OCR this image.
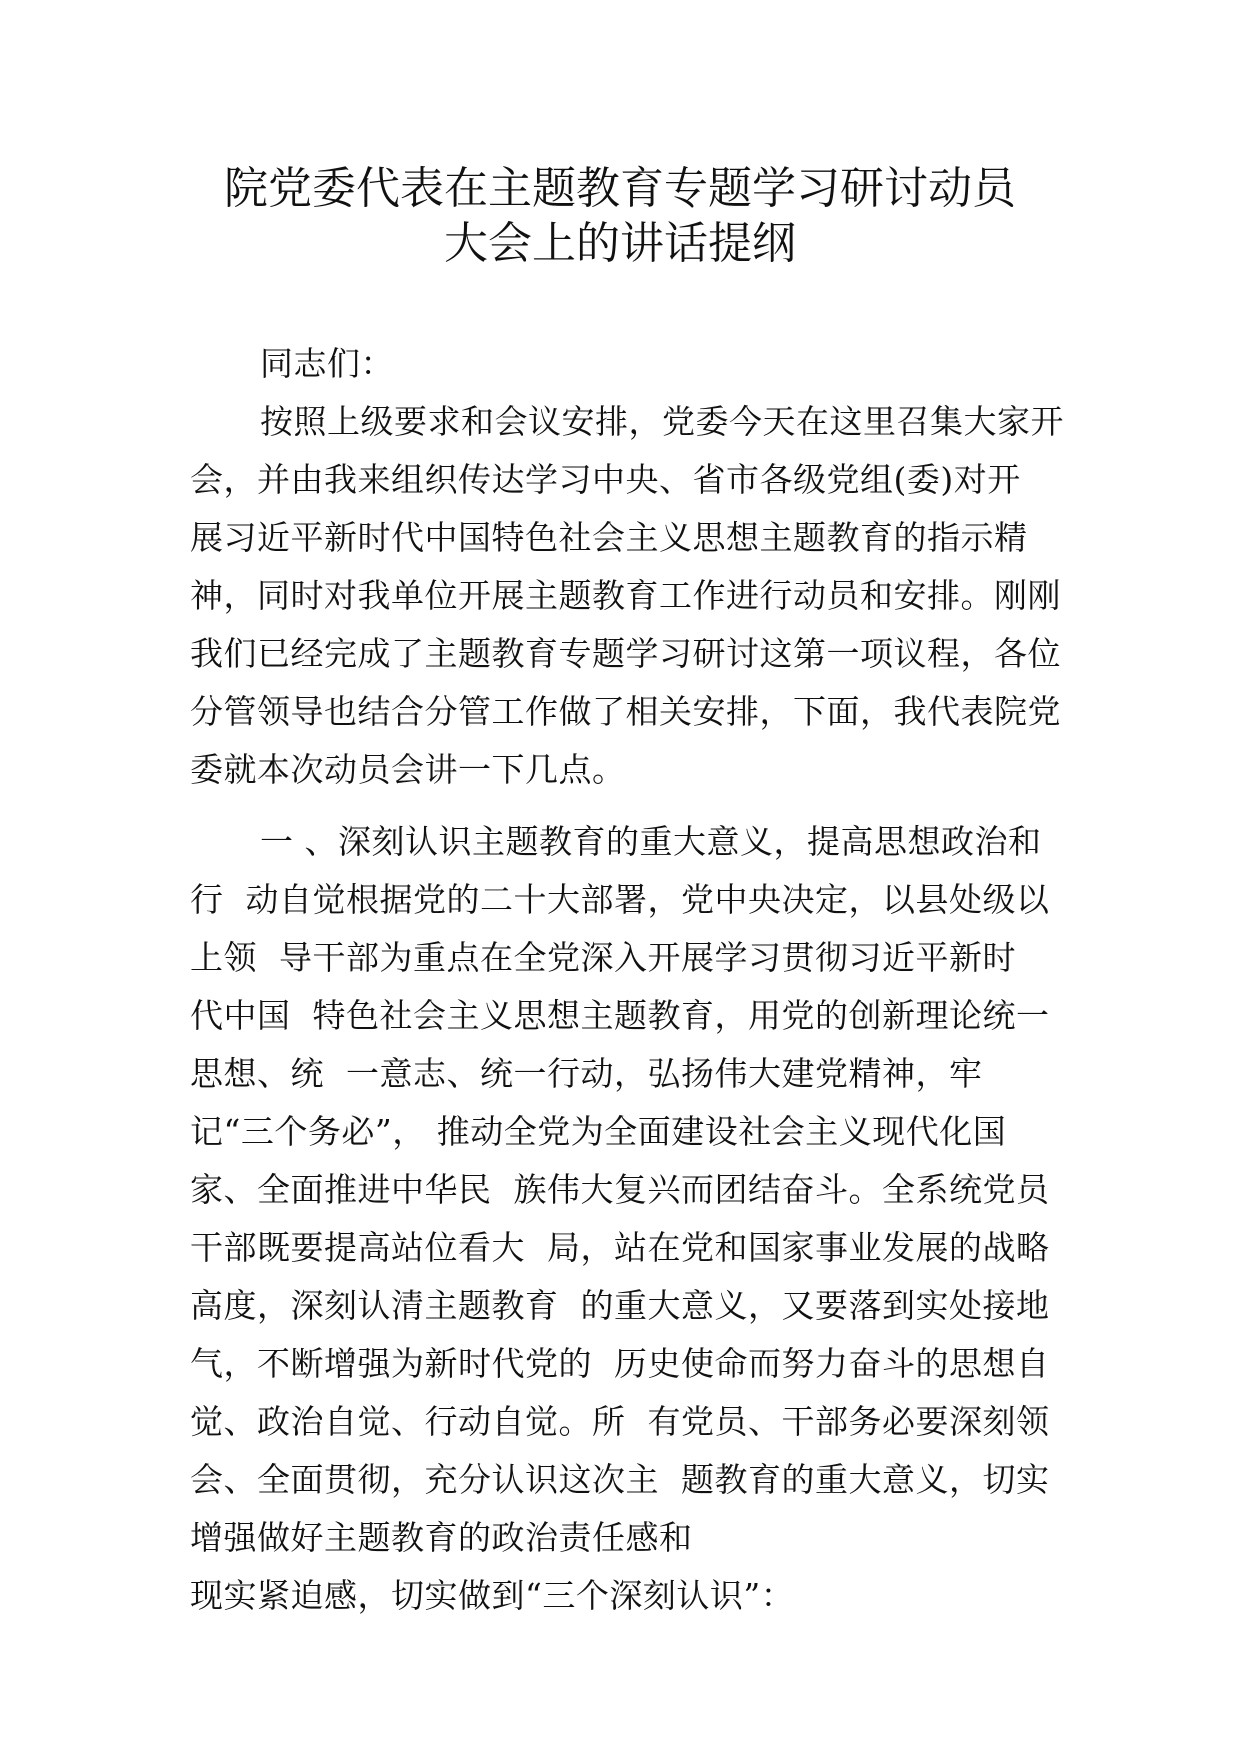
院党委代表在主题教育专题学习研讨动员
大会上的讲话提纲
同志们：
按照上级要求和会议安排，党委今天在这里召集大家开
会，并由我来组织传达学习中央、省市各级党组(委)对开
展习近平新时代中国特色社会主义思想主题教育的指示精
神，同时对我单位开展主题教育工作进行动员和安排。刚刚
我们已经完成了主题教育专题学习研讨这第一项议程，各位
分管领导也结合分管工作做了相关安排，下面，我代表院党
委就本次动员会讲一下几点。
一 、深刻认识主题教育的重大意义，提高思想政治和
行  动自觉根据党的二十大部署，党中央决定，以县处级以
上领  导干部为重点在全党深入开展学习贯彻习近平新时
代中国  特色社会主义思想主题教育，用党的创新理论统一
思想、统  一意志、统一行动，弘扬伟大建党精神，牢
记“三个务必”， 推动全党为全面建设社会主义现代化国
家、全面推进中华民  族伟大复兴而团结奋斗。全系统党员
干部既要提高站位看大  局，站在党和国家事业发展的战略
高度，深刻认清主题教育  的重大意义，又要落到实处接地
气，不断增强为新时代党的  历史使命而努力奋斗的思想自
觉、政治自觉、行动自觉。所  有党员、干部务必要深刻领
会、全面贯彻，充分认识这次主  题教育的重大意义，切实
增强做好主题教育的政治责任感和
现实紧迫感，切实做到“三个深刻认识”：
